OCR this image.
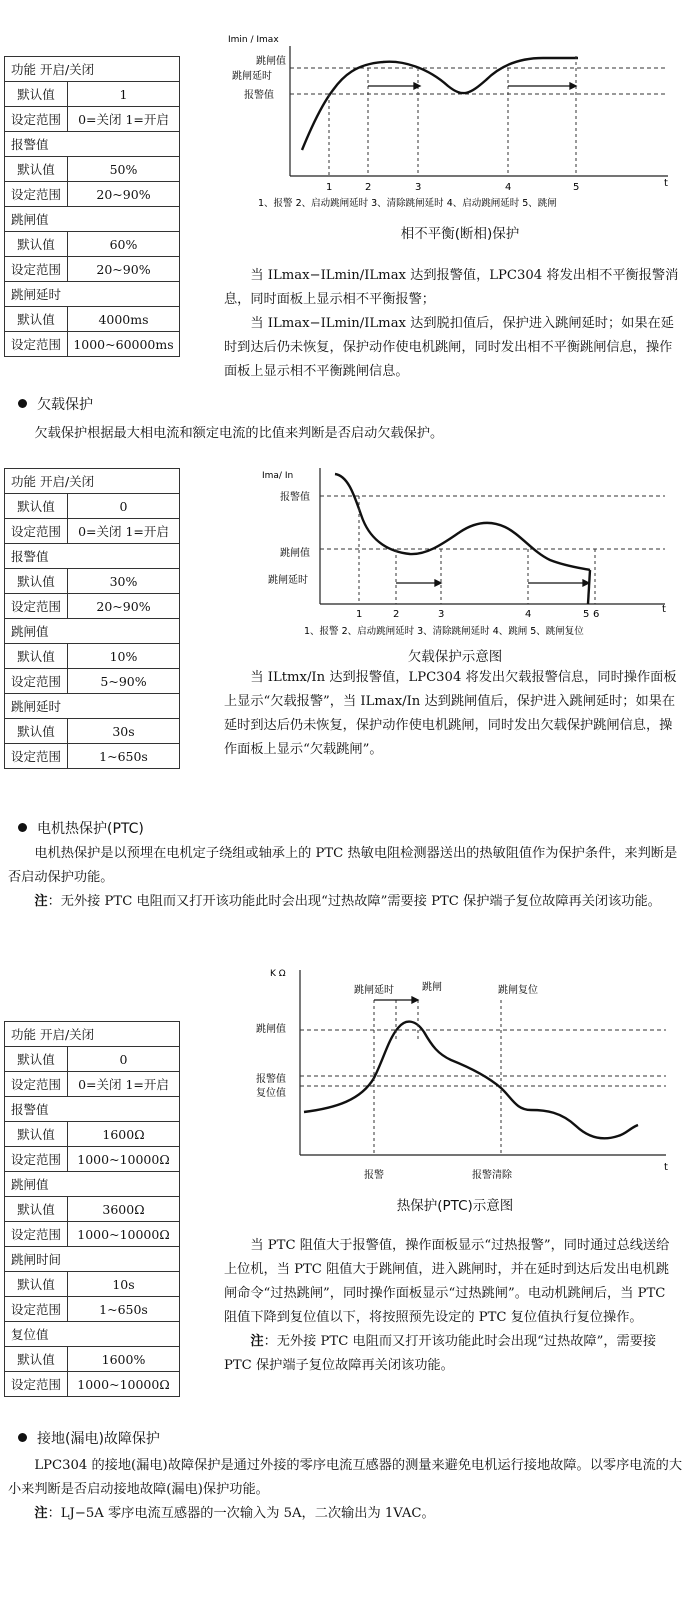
功能 开启/关闭	
默认值	1
设定范围	0=关闭 1=开启
报警值	
默认值	50%
设定范围	20~90%
跳闸值	
默认值	60%
设定范围	20~90%
跳闸延时	
默认值	4000ms
设定范围	1000~60000ms
Imin / Imax
跳闸值
跳闸延时
报警值
1	2	3	4	5	t
1、报警 2、启动跳闸延时 3、清除跳闸延时 4、启动跳闸延时 5、跳闸
相不平衡(断相)保护

当 ILmax−ILmin/ILmax 达到报警值，LPC304 将发出相不平衡报警消息，同时面板上显示相不平衡报警；

当 ILmax−ILmin/ILmax 达到脱扣值后，保护进入跳闸延时；如果在延时到达后仍未恢复，保护动作使电机跳闸，同时发出相不平衡跳闸信息，操作面板上显示相不平衡跳闸信息。

欠载保护

欠载保护根据最大相电流和额定电流的比值来判断是否启动欠载保护。

功能 开启/关闭	
默认值	0
设定范围	0=关闭 1=开启
报警值	
默认值	30%
设定范围	20~90%
跳闸值	
默认值	10%
设定范围	5~90%
跳闸延时	
默认值	30s
设定范围	1~650s
Ima/ In
报警值
跳闸值
跳闸延时
1	2	3	4	5 6	t
1、报警 2、启动跳闸延时 3、清除跳闸延时 4、跳闸 5、跳闸复位
欠载保护示意图

当 ILtmx/In 达到报警值，LPC304 将发出欠载报警信息，同时操作面板上显示“欠载报警”，当 ILmax/In 达到跳闸值后，保护进入跳闸延时；如果在延时到达后仍未恢复，保护动作使电机跳闸，同时发出欠载保护跳闸信息，操作面板上显示“欠载跳闸”。

电机热保护(PTC)

电机热保护是以预埋在电机定子绕组或轴承上的 PTC 热敏电阻检测器送出的热敏阻值作为保护条件，来判断是否启动保护功能。

注：无外接 PTC 电阻而又打开该功能此时会出现“过热故障”需要接 PTC 保护端子复位故障再关闭该功能。

功能 开启/关闭	
默认值	0
设定范围	0=关闭 1=开启
报警值	
默认值	1600Ω
设定范围	1000~10000Ω
跳闸值	
默认值	3600Ω
设定范围	1000~10000Ω
跳闸时间	
默认值	10s
设定范围	1~650s
复位值	
默认值	1600%
设定范围	1000~10000Ω
K Ω
跳闸值
报警值
复位值
跳闸延时	跳闸	跳闸复位
报警	报警清除
t
热保护(PTC)示意图

当 PTC 阻值大于报警值，操作面板显示“过热报警”，同时通过总线送给上位机，当 PTC 阻值大于跳闸值，进入跳闸时，并在延时到达后发出电机跳闸命令“过热跳闸”，同时操作面板显示“过热跳闸”。电动机跳闸后，当 PTC 阻值下降到复位值以下，将按照预先设定的 PTC 复位值执行复位操作。

注：无外接 PTC 电阻而又打开该功能此时会出现“过热故障”，需要接 PTC 保护端子复位故障再关闭该功能。

接地(漏电)故障保护

LPC304 的接地(漏电)故障保护是通过外接的零序电流互感器的测量来避免电机运行接地故障。以零序电流的大小来判断是否启动接地故障(漏电)保护功能。

注：LJ−5A 零序电流互感器的一次输入为 5A，二次输出为 1VAC。
